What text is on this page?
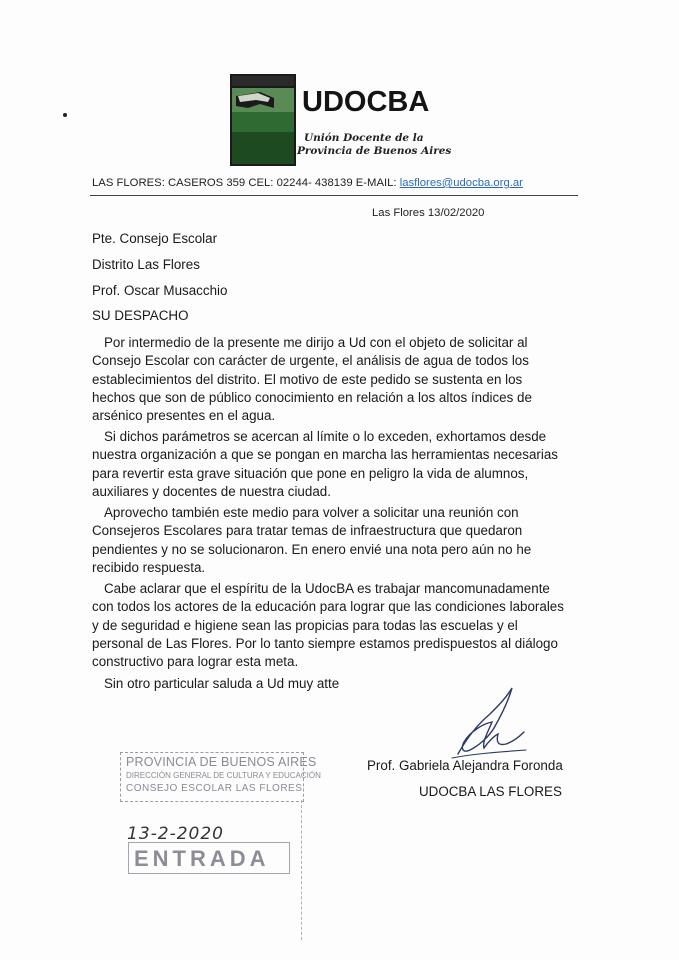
UDOCBA
Unión Docente de la
Provincia de Buenos Aires
LAS FLORES: CASEROS 359 CEL: 02244- 438139 E-MAIL: lasflores@udocba.org.ar
Las Flores 13/02/2020
Pte. Consejo Escolar
Distrito Las Flores
Prof. Oscar Musacchio
SU DESPACHO
Por intermedio de la presente me dirijo a Ud con el objeto de solicitar al
Consejo Escolar con carácter de urgente, el análisis de agua de todos los
establecimientos del distrito. El motivo de este pedido se sustenta en los
hechos que son de público conocimiento en relación a los altos índices de
arsénico presentes en el agua.
Si dichos parámetros se acercan al límite o lo exceden, exhortamos desde
nuestra organización a que se pongan en marcha las herramientas necesarias
para revertir esta grave situación que pone en peligro la vida de alumnos,
auxiliares y docentes de nuestra ciudad.
Aprovecho también este medio para volver a solicitar una reunión con
Consejeros Escolares para tratar temas de infraestructura que quedaron
pendientes y no se solucionaron. En enero envié una nota pero aún no he
recibido respuesta.
Cabe aclarar que el espíritu de la UdocBA es trabajar mancomunadamente
con todos los actores de la educación para lograr que las condiciones laborales
y de seguridad e higiene sean las propicias para todas las escuelas y el
personal de Las Flores. Por lo tanto siempre estamos predispuestos al diálogo
constructivo para lograr esta meta.
Sin otro particular saluda a Ud muy atte
Prof. Gabriela Alejandra Foronda
UDOCBA LAS FLORES
PROVINCIA DE BUENOS AIRES
DIRECCIÓN GENERAL DE CULTURA Y EDUCACIÓN
CONSEJO ESCOLAR LAS FLORES
13-2-2020
ENTRADA
